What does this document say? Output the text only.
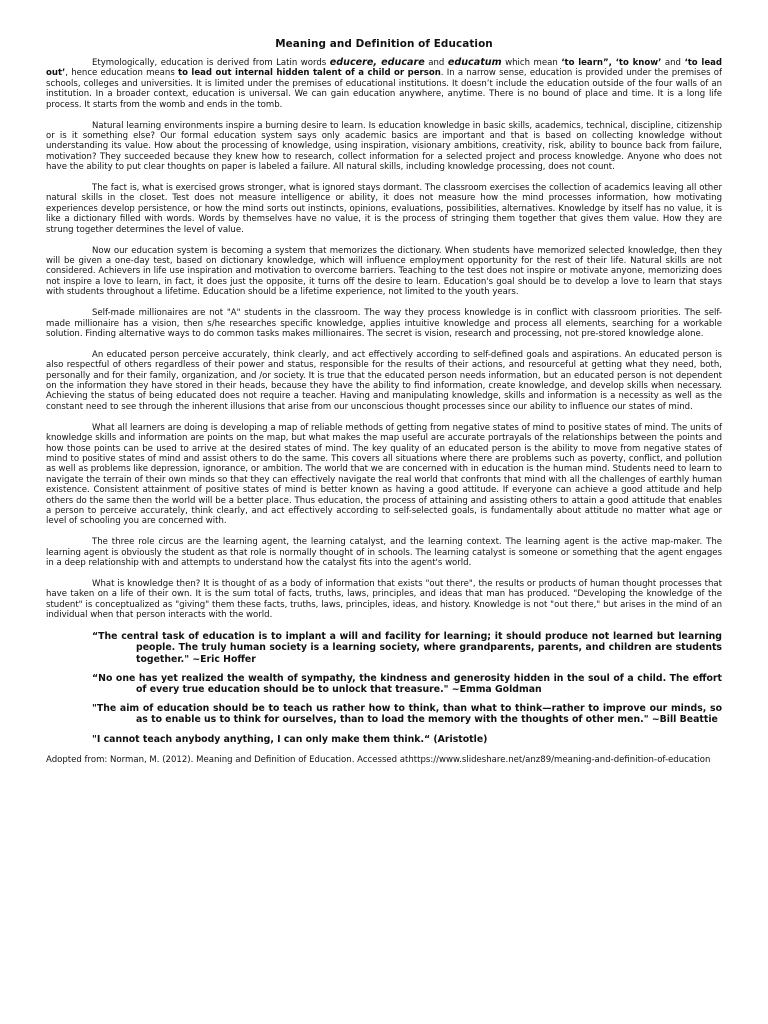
Meaning and Definition of Education

Etymologically, education is derived from Latin words educere, educare and educatum which mean ‘to learn”, ‘to know’ and ‘to lead out’, hence education means to lead out internal hidden talent of a child or person. In a narrow sense, education is provided under the premises of schools, colleges and universities. It is limited under the premises of educational institutions. It doesn’t include the education outside of the four walls of an institution. In a broader context, education is universal. We can gain education anywhere, anytime. There is no bound of place and time. It is a long life process. It starts from the womb and ends in the tomb.

Natural learning environments inspire a burning desire to learn. Is education knowledge in basic skills, academics, technical, discipline, citizenship or is it something else? Our formal education system says only academic basics are important and that is based on collecting knowledge without understanding its value. How about the processing of knowledge, using inspiration, visionary ambitions, creativity, risk, ability to bounce back from failure, motivation? They succeeded because they knew how to research, collect information for a selected project and process knowledge. Anyone who does not have the ability to put clear thoughts on paper is labeled a failure. All natural skills, including knowledge processing, does not count.

The fact is, what is exercised grows stronger, what is ignored stays dormant. The classroom exercises the collection of academics leaving all other natural skills in the closet. Test does not measure intelligence or ability, it does not measure how the mind processes information, how motivating experiences develop persistence, or how the mind sorts out instincts, opinions, evaluations, possibilities, alternatives. Knowledge by itself has no value, it is like a dictionary filled with words. Words by themselves have no value, it is the process of stringing them together that gives them value. How they are strung together determines the level of value.

Now our education system is becoming a system that memorizes the dictionary. When students have memorized selected knowledge, then they will be given a one-day test, based on dictionary knowledge, which will influence employment opportunity for the rest of their life. Natural skills are not considered. Achievers in life use inspiration and motivation to overcome barriers. Teaching to the test does not inspire or motivate anyone, memorizing does not inspire a love to learn, in fact, it does just the opposite, it turns off the desire to learn. Education's goal should be to develop a love to learn that stays with students throughout a lifetime. Education should be a lifetime experience, not limited to the youth years.

Self-made millionaires are not "A" students in the classroom. The way they process knowledge is in conflict with classroom priorities. The self-made millionaire has a vision, then s/he researches specific knowledge, applies intuitive knowledge and process all elements, searching for a workable solution. Finding alternative ways to do common tasks makes millionaires. The secret is vision, research and processing, not pre-stored knowledge alone.

An educated person perceive accurately, think clearly, and act effectively according to self-defined goals and aspirations. An educated person is also respectful of others regardless of their power and status, responsible for the results of their actions, and resourceful at getting what they need, both, personally and for their family, organization, and /or society. It is true that the educated person needs information, but an educated person is not dependent on the information they have stored in their heads, because they have the ability to find information, create knowledge, and develop skills when necessary. Achieving the status of being educated does not require a teacher. Having and manipulating knowledge, skills and information is a necessity as well as the constant need to see through the inherent illusions that arise from our unconscious thought processes since our ability to influence our states of mind.

What all learners are doing is developing a map of reliable methods of getting from negative states of mind to positive states of mind. The units of knowledge skills and information are points on the map, but what makes the map useful are accurate portrayals of the relationships between the points and how those points can be used to arrive at the desired states of mind. The key quality of an educated person is the ability to move from negative states of mind to positive states of mind and assist others to do the same. This covers all situations where there are problems such as poverty, conflict, and pollution as well as problems like depression, ignorance, or ambition. The world that we are concerned with in education is the human mind. Students need to learn to navigate the terrain of their own minds so that they can effectively navigate the real world that confronts that mind with all the challenges of earthly human existence. Consistent attainment of positive states of mind is better known as having a good attitude. If everyone can achieve a good attitude and help others do the same then the world will be a better place. Thus education, the process of attaining and assisting others to attain a good attitude that enables a person to perceive accurately, think clearly, and act effectively according to self-selected goals, is fundamentally about attitude no matter what age or level of schooling you are concerned with.

The three role circus are the learning agent, the learning catalyst, and the learning context. The learning agent is the active map-maker. The learning agent is obviously the student as that role is normally thought of in schools. The learning catalyst is someone or something that the agent engages in a deep relationship with and attempts to understand how the catalyst fits into the agent's world.

What is knowledge then? It is thought of as a body of information that exists "out there", the results or products of human thought processes that have taken on a life of their own. It is the sum total of facts, truths, laws, principles, and ideas that man has produced. "Developing the knowledge of the student" is conceptualized as "giving" them these facts, truths, laws, principles, ideas, and history. Knowledge is not "out there," but arises in the mind of an individual when that person interacts with the world.

“The central task of education is to implant a will and facility for learning; it should produce not learned but learning people. The truly human society is a learning society, where grandparents, parents, and children are students together." ~Eric Hoffer

“No one has yet realized the wealth of sympathy, the kindness and generosity hidden in the soul of a child. The effort of every true education should be to unlock that treasure." ~Emma Goldman

"The aim of education should be to teach us rather how to think, than what to think—rather to improve our minds, so as to enable us to think for ourselves, than to load the memory with the thoughts of other men." ~Bill Beattie

"I cannot teach anybody anything, I can only make them think.“ (Aristotle)

Adopted from: Norman, M. (2012). Meaning and Definition of Education. Accessed athttps://www.slideshare.net/anz89/meaning-and-definition-of-education
